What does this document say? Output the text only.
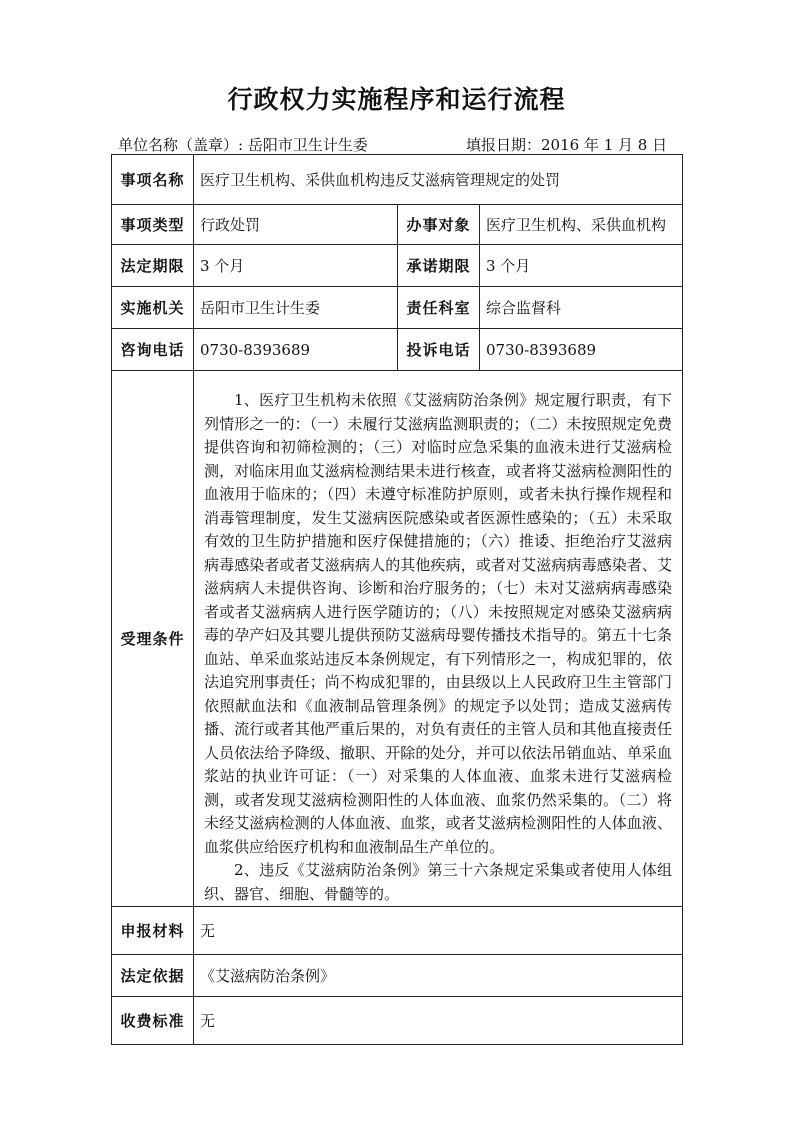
行政权力实施程序和运行流程
单位名称（盖章）: 岳阳市卫生计生委	填报日期：2016 年 1 月 8 日
事项名称	医疗卫生机构、采供血机构违反艾滋病管理规定的处罚		
事项类型	行政处罚	办事对象	医疗卫生机构、采供血机构
法定期限	3 个月	承诺期限	3 个月
实施机关	岳阳市卫生计生委	责任科室	综合监督科
咨询电话	0730-8393689	投诉电话	0730-8393689
受理条件	1、医疗卫生机构未依照《艾滋病防治条例》规定履行职责，有下列情形之一的：（一）未履行艾滋病监测职责的；（二）未按照规定免费提供咨询和初筛检测的；（三）对临时应急采集的血液未进行艾滋病检测，对临床用血艾滋病检测结果未进行核查，或者将艾滋病检测阳性的血液用于临床的；（四）未遵守标准防护原则，或者未执行操作规程和消毒管理制度，发生艾滋病医院感染或者医源性感染的；（五）未采取有效的卫生防护措施和医疗保健措施的；（六）推诿、拒绝治疗艾滋病病毒感染者或者艾滋病病人的其他疾病，或者对艾滋病病毒感染者、艾滋病病人未提供咨询、诊断和治疗服务的；（七）未对艾滋病病毒感染者或者艾滋病病人进行医学随访的；（八）未按照规定对感染艾滋病病毒的孕产妇及其婴儿提供预防艾滋病母婴传播技术指导的。第五十七条　血站、单采血浆站违反本条例规定，有下列情形之一，构成犯罪的，依法追究刑事责任；尚不构成犯罪的，由县级以上人民政府卫生主管部门依照献血法和《血液制品管理条例》的规定予以处罚；造成艾滋病传播、流行或者其他严重后果的，对负有责任的主管人员和其他直接责任人员依法给予降级、撤职、开除的处分，并可以依法吊销血站、单采血浆站的执业许可证：（一）对采集的人体血液、血浆未进行艾滋病检测，或者发现艾滋病检测阳性的人体血液、血浆仍然采集的。（二）将未经艾滋病检测的人体血液、血浆，或者艾滋病检测阳性的人体血液、血浆供应给医疗机构和血液制品生产单位的。

2、违反《艾滋病防治条例》第三十六条规定采集或者使用人体组织、器官、细胞、骨髓等的。		

申报材料	无		
法定依据	《艾滋病防治条例》		
收费标准	无		
